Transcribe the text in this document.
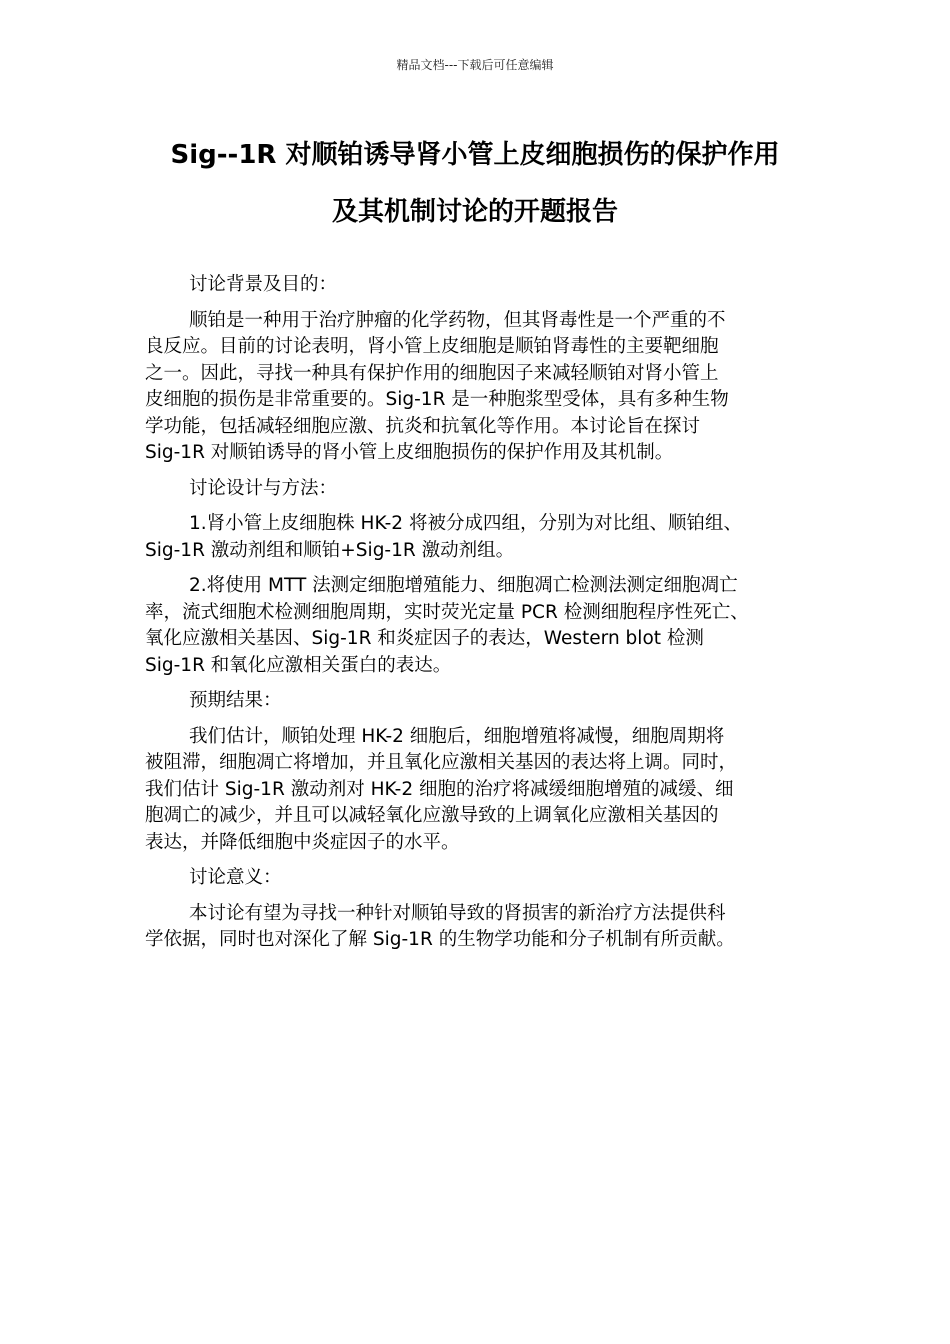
精品文档---下载后可任意编辑
Sig--1R 对顺铂诱导肾小管上皮细胞损伤的保护作用
及其机制讨论的开题报告

讨论背景及目的：

顺铂是一种用于治疗肿瘤的化学药物，但其肾毒性是一个严重的不
良反应。目前的讨论表明，肾小管上皮细胞是顺铂肾毒性的主要靶细胞
之一。因此，寻找一种具有保护作用的细胞因子来减轻顺铂对肾小管上
皮细胞的损伤是非常重要的。Sig-1R 是一种胞浆型受体，具有多种生物
学功能，包括减轻细胞应激、抗炎和抗氧化等作用。本讨论旨在探讨
Sig-1R 对顺铂诱导的肾小管上皮细胞损伤的保护作用及其机制。

讨论设计与方法：

1.肾小管上皮细胞株 HK-2 将被分成四组，分别为对比组、顺铂组、
Sig-1R 激动剂组和顺铂+Sig-1R 激动剂组。

2.将使用 MTT 法测定细胞增殖能力、细胞凋亡检测法测定细胞凋亡
率，流式细胞术检测细胞周期，实时荧光定量 PCR 检测细胞程序性死亡、
氧化应激相关基因、Sig-1R 和炎症因子的表达，Western blot 检测
Sig-1R 和氧化应激相关蛋白的表达。

预期结果：

我们估计，顺铂处理 HK-2 细胞后，细胞增殖将减慢，细胞周期将
被阻滞，细胞凋亡将增加，并且氧化应激相关基因的表达将上调。同时，
我们估计 Sig-1R 激动剂对 HK-2 细胞的治疗将减缓细胞增殖的减缓、细
胞凋亡的减少，并且可以减轻氧化应激导致的上调氧化应激相关基因的
表达，并降低细胞中炎症因子的水平。

讨论意义：

本讨论有望为寻找一种针对顺铂导致的肾损害的新治疗方法提供科
学依据，同时也对深化了解 Sig-1R 的生物学功能和分子机制有所贡献。
